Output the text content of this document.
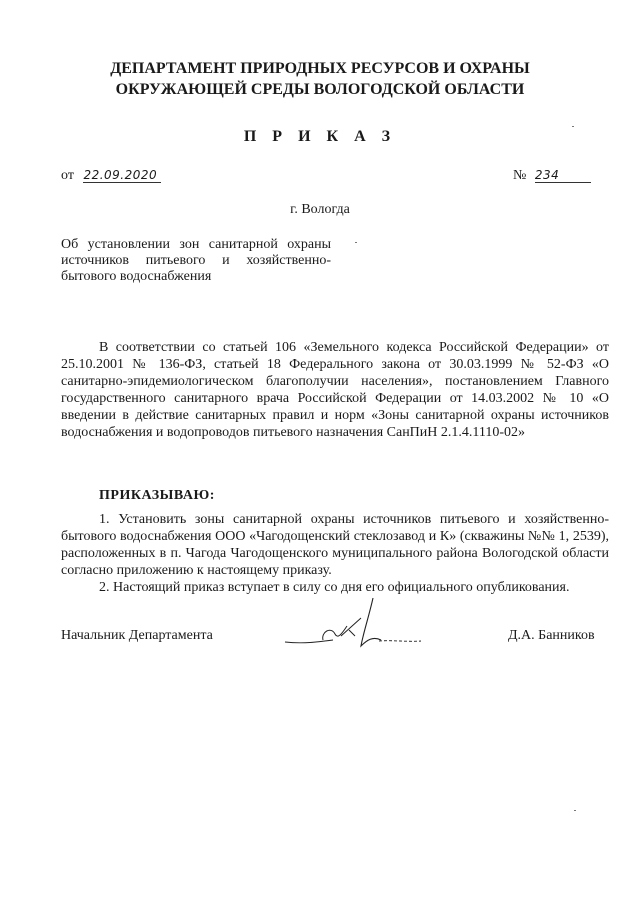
ДЕПАРТАМЕНТ ПРИРОДНЫХ РЕСУРСОВ И ОХРАНЫ
ОКРУЖАЮЩЕЙ СРЕДЫ ВОЛОГОДСКОЙ ОБЛАСТИ
П Р И К А З
от 22.09.2020	№ 234
г. Вологда
Об установлении зон санитарной охраны источников питьевого и хозяйственно-бытового водоснабжения
В соответствии со статьей 106 «Земельного кодекса Российской Федерации» от 25.10.2001 № 136-ФЗ, статьей 18 Федерального закона от 30.03.1999 № 52-ФЗ «О санитарно-эпидемиологическом благополучии населения», постановлением Главного государственного санитарного врача Российской Федерации от 14.03.2002 № 10 «О введении в действие санитарных правил и норм «Зоны санитарной охраны источников водоснабжения и водопроводов питьевого назначения СанПиН 2.1.4.1110-02»
ПРИКАЗЫВАЮ:
1. Установить зоны санитарной охраны источников питьевого и хозяйственно-бытового водоснабжения ООО «Чагодощенский стеклозавод и К» (скважины №№ 1, 2539), расположенных в п. Чагода Чагодощенского муниципального района Вологодской области согласно приложению к настоящему приказу.
2. Настоящий приказ вступает в силу со дня его официального опубликования.
Начальник Департамента	Д.А. Банников
